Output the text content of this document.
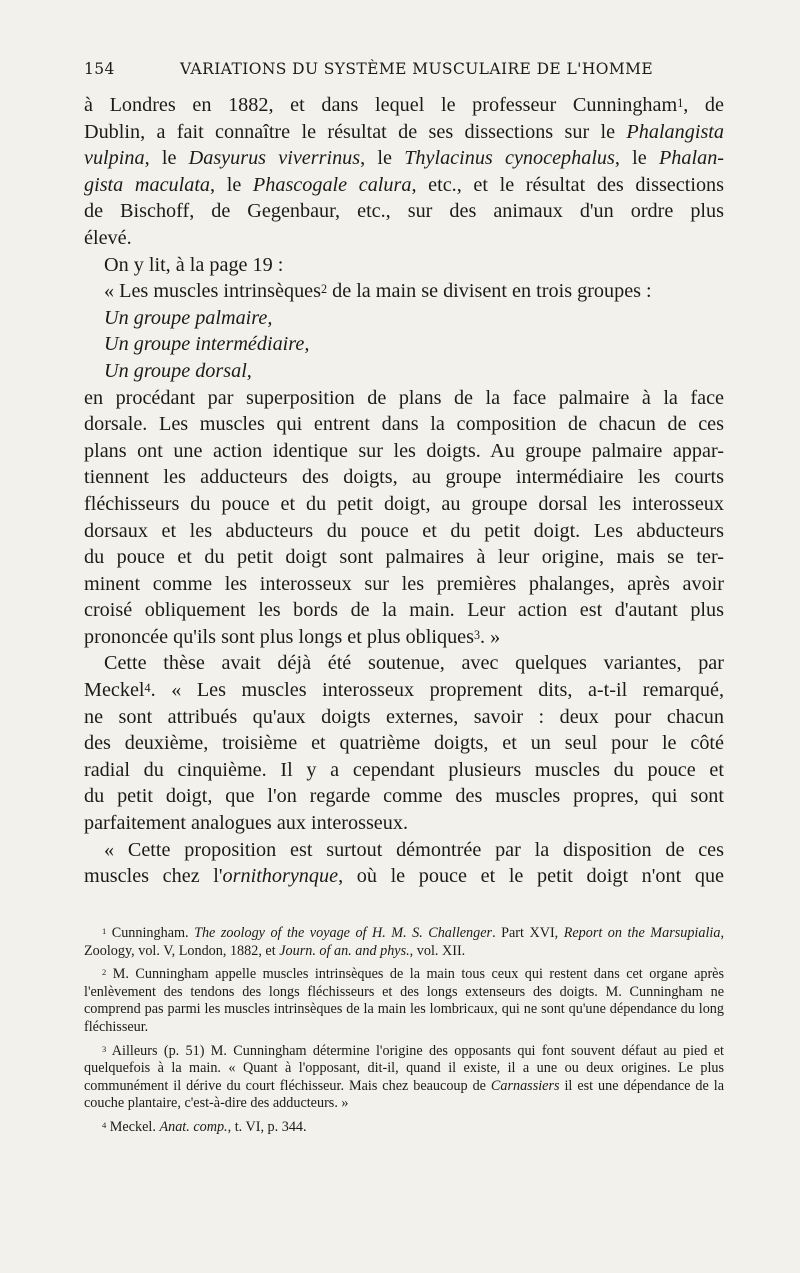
154	VARIATIONS DU SYSTÈME MUSCULAIRE DE L'HOMME

à Londres en 1882, et dans lequel le professeur Cunningham$^1$, de

Dublin, a fait connaître le résultat de ses dissections sur le Phalangista

vulpina, le Dasyurus viverrinus, le Thylacinus cynocephalus, le Phalan-

gista maculata, le Phascogale calura, etc., et le résultat des dissections

de Bischoff, de Gegenbaur, etc., sur des animaux d'un ordre plus

élevé.

On y lit, à la page 19 :

« Les muscles intrinsèques$^2$ de la main se divisent en trois groupes :

Un groupe palmaire,

Un groupe intermédiaire,

Un groupe dorsal,

en procédant par superposition de plans de la face palmaire à la face

dorsale. Les muscles qui entrent dans la composition de chacun de ces

plans ont une action identique sur les doigts. Au groupe palmaire appar-

tiennent les adducteurs des doigts, au groupe intermédiaire les courts

fléchisseurs du pouce et du petit doigt, au groupe dorsal les interosseux

dorsaux et les abducteurs du pouce et du petit doigt. Les abducteurs

du pouce et du petit doigt sont palmaires à leur origine, mais se ter-

minent comme les interosseux sur les premières phalanges, après avoir

croisé obliquement les bords de la main. Leur action est d'autant plus

prononcée qu'ils sont plus longs et plus obliques$^3$. »

Cette thèse avait déjà été soutenue, avec quelques variantes, par

Meckel$^4$. « Les muscles interosseux proprement dits, a-t-il remarqué,

ne sont attribués qu'aux doigts externes, savoir : deux pour chacun

des deuxième, troisième et quatrième doigts, et un seul pour le côté

radial du cinquième. Il y a cependant plusieurs muscles du pouce et

du petit doigt, que l'on regarde comme des muscles propres, qui sont

parfaitement analogues aux interosseux.

« Cette proposition est surtout démontrée par la disposition de ces

muscles chez l'ornithorynque, où le pouce et le petit doigt n'ont que

$^1$ Cunningham. The zoology of the voyage of H. M. S. Challenger. Part XVI, Report on the Marsupialia, Zoology, vol. V, London, 1882, et Journ. of an. and phys., vol. XII.

$^2$ M. Cunningham appelle muscles intrinsèques de la main tous ceux qui restent dans cet organe après l'enlèvement des tendons des longs fléchisseurs et des longs extenseurs des doigts. M. Cunningham ne comprend pas parmi les muscles intrinsèques de la main les lombricaux, qui ne sont qu'une dépendance du long fléchisseur.

$^3$ Ailleurs (p. 51) M. Cunningham détermine l'origine des opposants qui font souvent défaut au pied et quelquefois à la main. « Quant à l'opposant, dit-il, quand il existe, il a une ou deux origines. Le plus communément il dérive du court fléchisseur. Mais chez beaucoup de Carnassiers il est une dépendance de la couche plantaire, c'est-à-dire des adducteurs. »

$^4$ Meckel. Anat. comp., t. VI, p. 344.
